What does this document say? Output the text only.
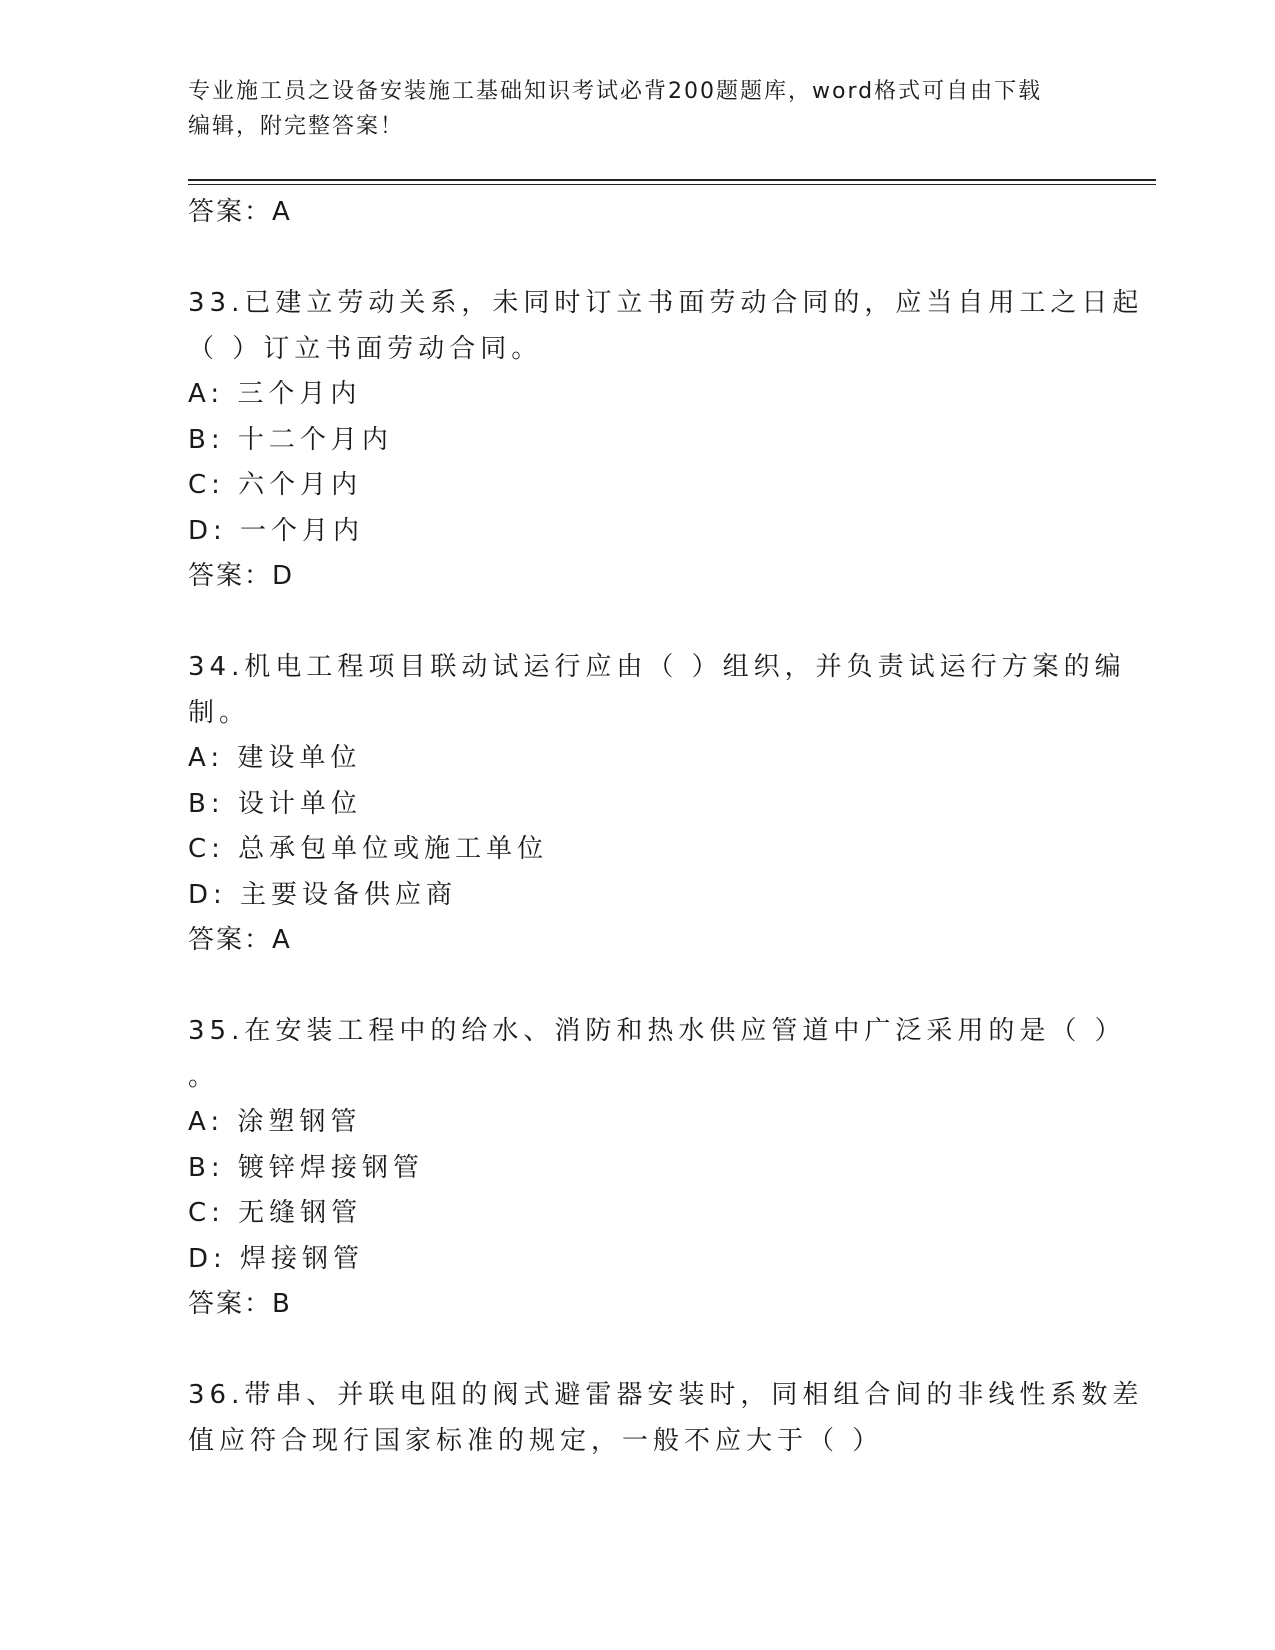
专业施工员之设备安装施工基础知识考试必背200题题库，word格式可自由下载
编辑，附完整答案！
答案：A
33.已建立劳动关系，未同时订立书面劳动合同的，应当自用工之日起
（ ）订立书面劳动合同。
A: 三个月内
B: 十二个月内
C: 六个月内
D: 一个月内
答案：D
34.机电工程项目联动试运行应由（ ）组织，并负责试运行方案的编
制。
A: 建设单位
B: 设计单位
C: 总承包单位或施工单位
D: 主要设备供应商
答案：A
35.在安装工程中的给水、消防和热水供应管道中广泛采用的是（ ）
。
A: 涂塑钢管
B: 镀锌焊接钢管
C: 无缝钢管
D: 焊接钢管
答案：B
36.带串、并联电阻的阀式避雷器安装时，同相组合间的非线性系数差
值应符合现行国家标准的规定，一般不应大于（ ）
